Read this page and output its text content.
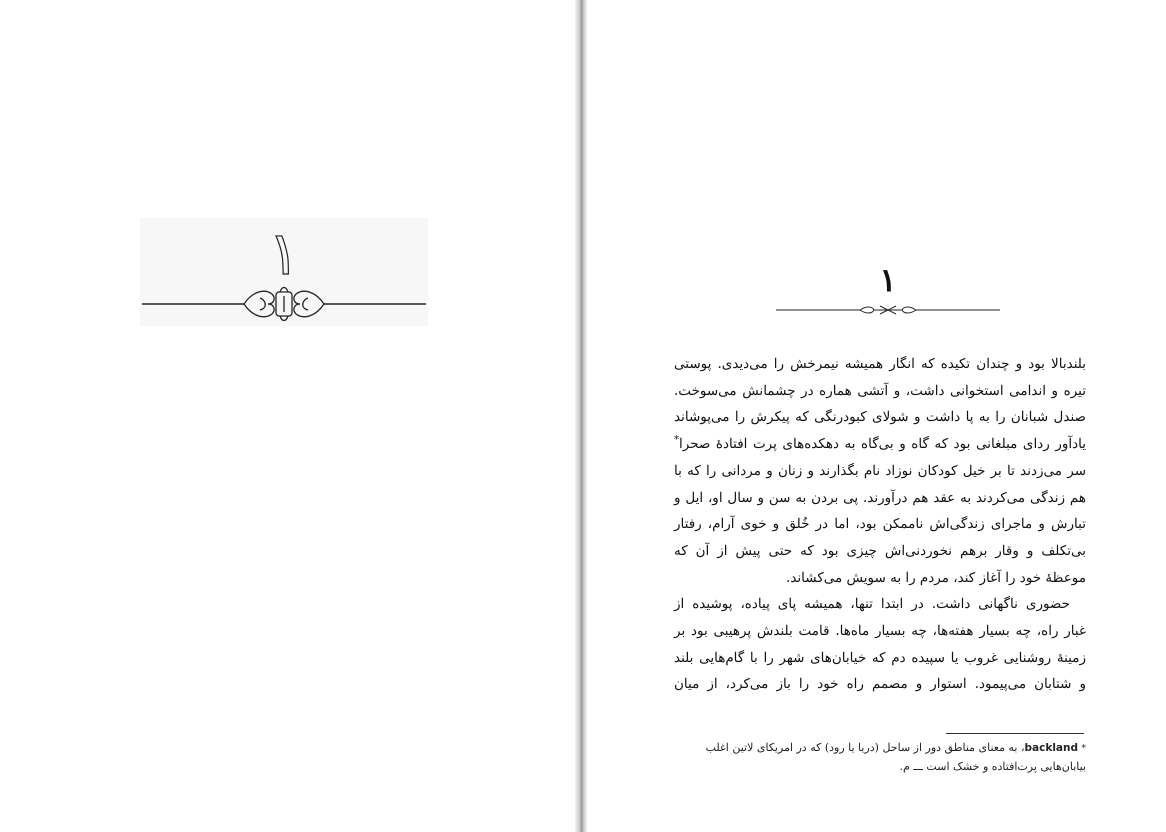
۱	۱

بلندبالا بود و چندان تکیده که انگار همیشه نیمرخش را می‌دیدی. پوستی

تیره و اندامی استخوانی داشت، و آتشی هماره در چشمانش می‌سوخت.

صندل شبانان را به پا داشت و شولای کبودرنگی که پیکرش را می‌پوشاند

یادآور ردای مبلغانی بود که گاه و بی‌گاه به دهکده‌های پرت افتادهٔ صحرا*

سر می‌زدند تا بر خیل کودکان نوزاد نام بگذارند و زنان و مردانی را که با

هم زندگی می‌کردند به عقد هم درآورند. پی بردن به سن و سال او، ایل و

تبارش و ماجرای زندگی‌اش ناممکن بود، اما در خُلق و خوی آرام، رفتار

بی‌تکلف و وقار برهم نخوردنی‌اش چیزی بود که حتی پیش از آن که

موعظهٔ خود را آغاز کند، مردم را به سویش می‌کشاند.

حضوری ناگهانی داشت. در ابتدا تنها، همیشه پای پیاده، پوشیده از

غبار راه، چه بسیار هفته‌ها، چه بسیار ماه‌ها. قامت بلندش پرهیبی بود بر

زمینهٔ روشنایی غروب یا سپیده دم که خیابان‌های شهر را با گام‌هایی بلند

و شتابان می‌پیمود. استوار و مصمم راه خود را باز می‌کرد، از میان

* backland، به معنای مناطق دور از ساحل (دریا یا رود) که در امریکای لاتین اغلب
بیابان‌هایی پرت‌افتاده و خشک است ـــ م.
